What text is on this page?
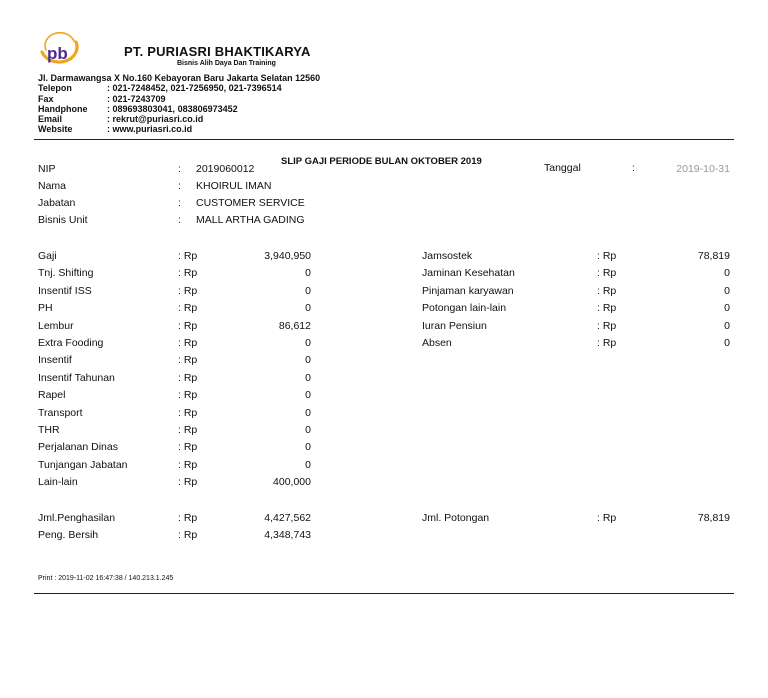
pb	PT. PURIASRI BHAKTIKARYA
Bisnis Alih Daya Dan Training
Jl. Darmawangsa X No.160 Kebayoran Baru Jakarta Selatan 12560
Telepon	: 021-7248452, 021-7256950, 021-7396514
Fax	: 021-7243709
Handphone : 089693803041, 083806973452
Email	: rekrut@puriasri.co.id
Website	: www.puriasri.co.id
SLIP GAJI PERIODE BULAN OKTOBER 2019
Tanggal	:	2019-10-31
NIP	: 2019060012
Nama	: KHOIRUL IMAN
Jabatan	: CUSTOMER SERVICE
Bisnis Unit	: MALL ARTHA GADING
Gaji	: Rp	3,940,950
Tnj. Shifting	: Rp	0
Insentif ISS	: Rp	0
PH	: Rp	0
Lembur	: Rp	86,612
Extra Fooding	: Rp	0
Insentif	: Rp	0
Insentif Tahunan	: Rp	0
Rapel	: Rp	0
Transport	: Rp	0
THR	: Rp	0
Perjalanan Dinas	: Rp	0
Tunjangan Jabatan	: Rp	0
Lain-lain	: Rp	400,000
Jamsostek	: Rp	78,819
Jaminan Kesehatan	: Rp	0
Pinjaman karyawan	: Rp	0
Potongan lain-lain	: Rp	0
Iuran Pensiun	: Rp	0
Absen	: Rp	0
Jml.Penghasilan	: Rp	4,427,562
Peng. Bersih	: Rp	4,348,743
Jml. Potongan	: Rp	78,819
Print : 2019-11-02 16:47:38 / 140.213.1.245
